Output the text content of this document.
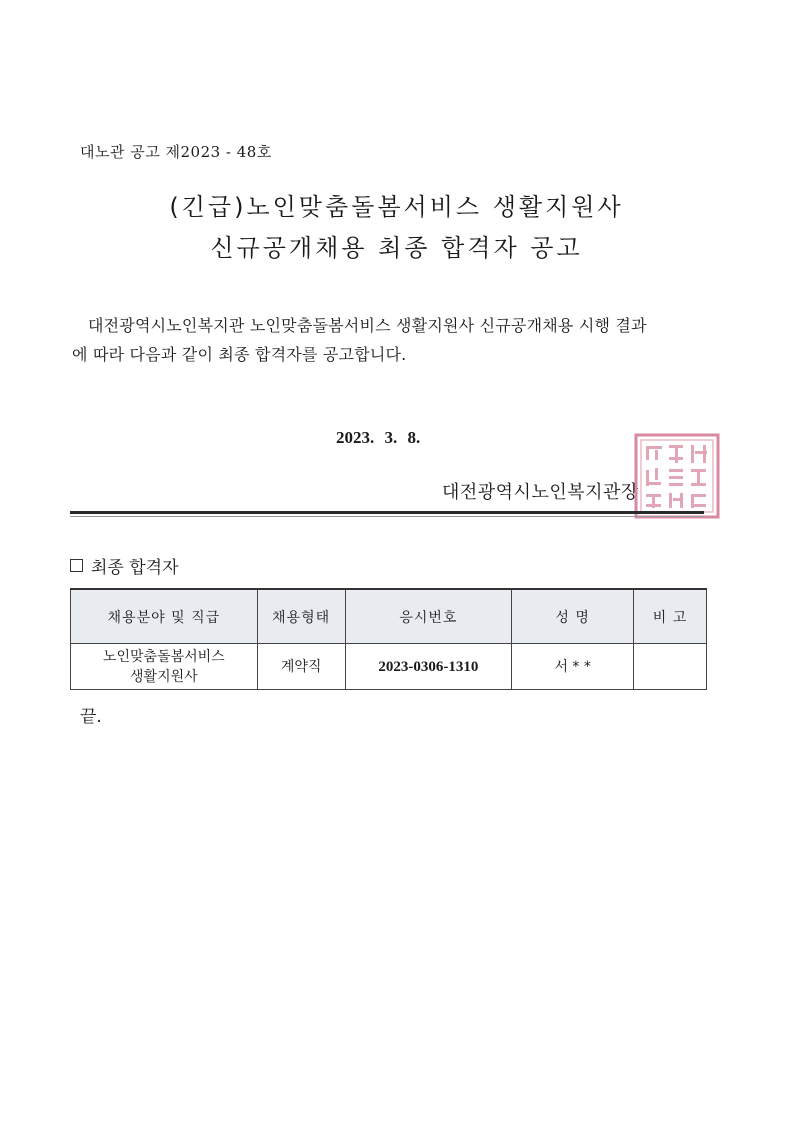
대노관 공고 제2023 - 48호
(긴급)노인맞춤돌봄서비스 생활지원사
신규공개채용 최종 합격자 공고
대전광역시노인복지관 노인맞춤돌봄서비스 생활지원사 신규공개채용 시행 결과
에 따라 다음과 같이 최종 합격자를 공고합니다.
2023. 3. 8.
대전광역시노인복지관장
최종 합격자
채용분야 및 직급	채용형태	응시번호	성 명	비 고

노인맞춤돌봄서비스
생활지원사	계약직	2023-0306-1310	서 * *	
끝.
